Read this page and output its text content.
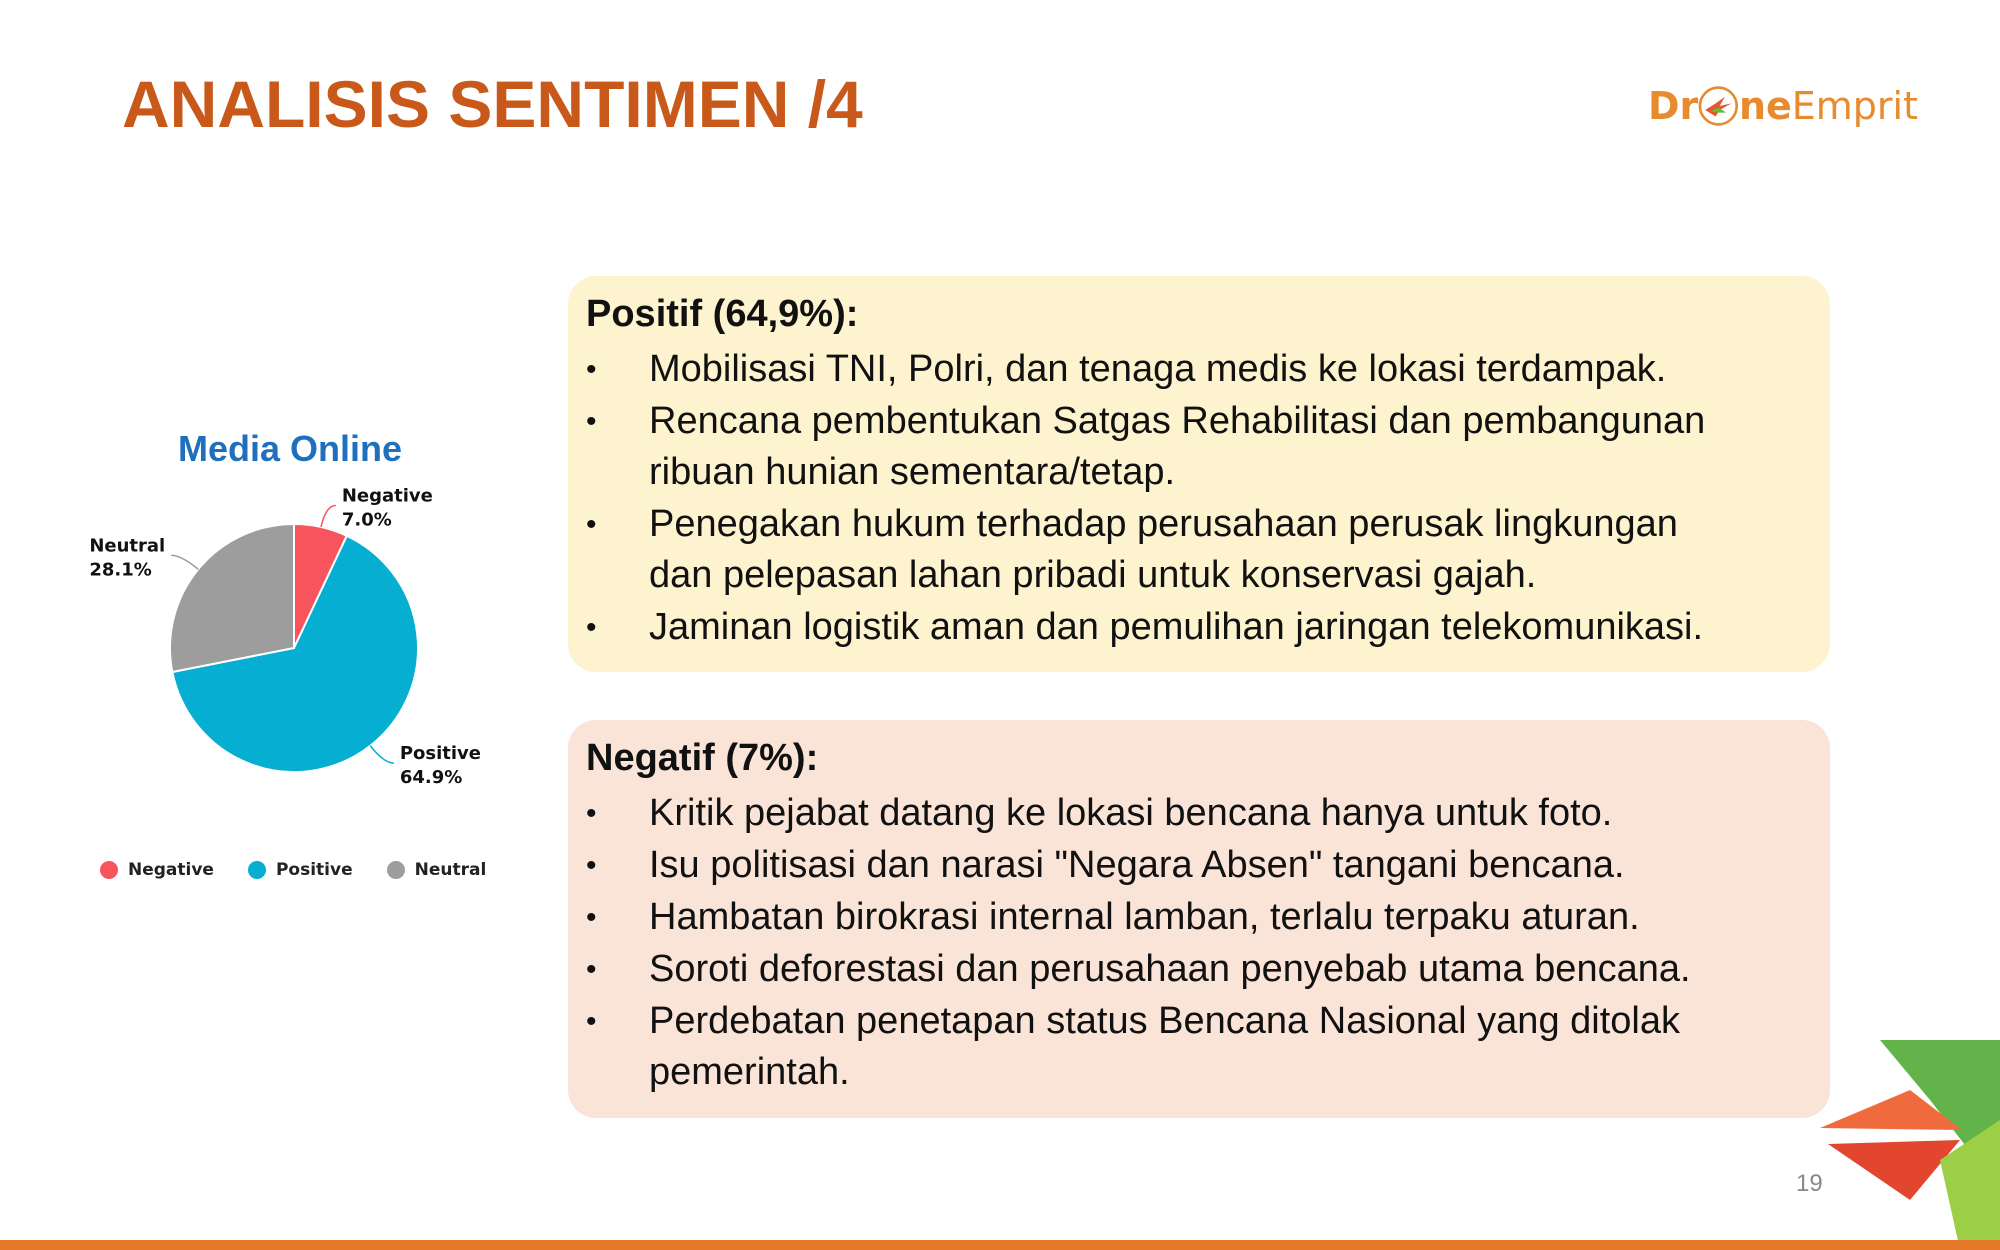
ANALISIS SENTIMEN /4	Dr ne Emprit
Media Online
Negative
7.0%
Positive
64.9%
Neutral
28.1%
Negative	Positive	Neutral
Positif (64,9%):
• Mobilisasi TNI, Polri, dan tenaga medis ke lokasi terdampak.
• Rencana pembentukan Satgas Rehabilitasi dan pembangunan
ribuan hunian sementara/tetap.
• Penegakan hukum terhadap perusahaan perusak lingkungan
dan pelepasan lahan pribadi untuk konservasi gajah.
• Jaminan logistik aman dan pemulihan jaringan telekomunikasi.
Negatif (7%):
• Kritik pejabat datang ke lokasi bencana hanya untuk foto.
• Isu politisasi dan narasi "Negara Absen" tangani bencana.
• Hambatan birokrasi internal lamban, terlalu terpaku aturan.
• Soroti deforestasi dan perusahaan penyebab utama bencana.
• Perdebatan penetapan status Bencana Nasional yang ditolak
pemerintah.
19
